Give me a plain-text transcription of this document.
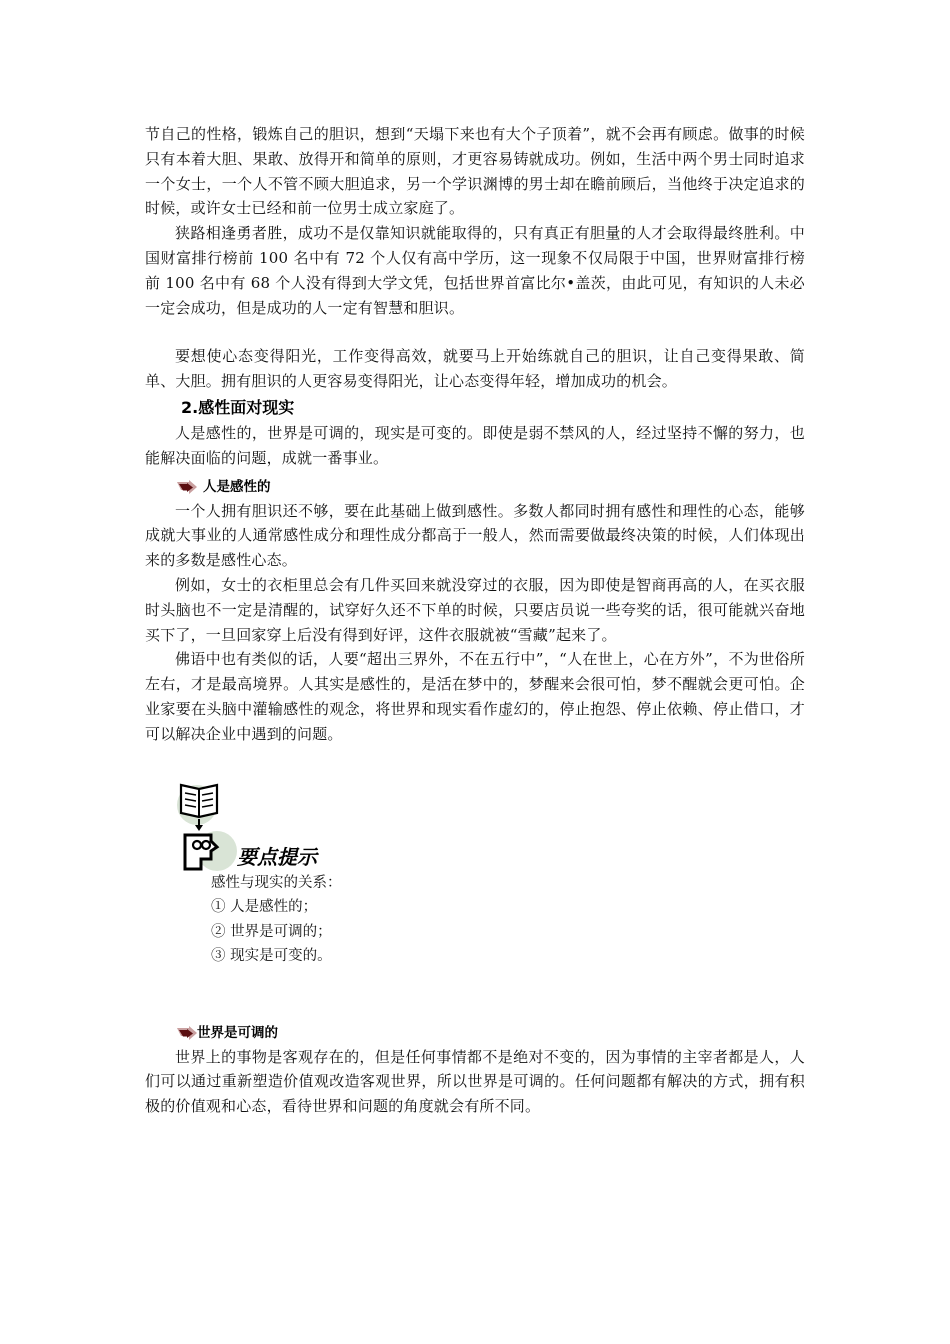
节自己的性格，锻炼自己的胆识，想到“天塌下来也有大个子顶着”，就不会再有顾虑。做事的时候只有本着大胆、果敢、放得开和简单的原则，才更容易铸就成功。例如，生活中两个男士同时追求一个女士，一个人不管不顾大胆追求，另一个学识渊博的男士却在瞻前顾后，当他终于决定追求的时候，或许女士已经和前一位男士成立家庭了。

狭路相逢勇者胜，成功不是仅靠知识就能取得的，只有真正有胆量的人才会取得最终胜利。中国财富排行榜前 100 名中有 72 个人仅有高中学历，这一现象不仅局限于中国，世界财富排行榜前 100 名中有 68 个人没有得到大学文凭，包括世界首富比尔•盖茨，由此可见，有知识的人未必一定会成功，但是成功的人一定有智慧和胆识。

要想使心态变得阳光，工作变得高效，就要马上开始练就自己的胆识，让自己变得果敢、简单、大胆。拥有胆识的人更容易变得阳光，让心态变得年轻，增加成功的机会。

2.感性面对现实

人是感性的，世界是可调的，现实是可变的。即使是弱不禁风的人，经过坚持不懈的努力，也能解决面临的问题，成就一番事业。

人是感性的

一个人拥有胆识还不够，要在此基础上做到感性。多数人都同时拥有感性和理性的心态，能够成就大事业的人通常感性成分和理性成分都高于一般人，然而需要做最终决策的时候，人们体现出来的多数是感性心态。

例如，女士的衣柜里总会有几件买回来就没穿过的衣服，因为即使是智商再高的人，在买衣服时头脑也不一定是清醒的，试穿好久还不下单的时候，只要店员说一些夸奖的话，很可能就兴奋地买下了，一旦回家穿上后没有得到好评，这件衣服就被“雪藏”起来了。

佛语中也有类似的话，人要“超出三界外，不在五行中”，“人在世上，心在方外”，不为世俗所左右，才是最高境界。人其实是感性的，是活在梦中的，梦醒来会很可怕，梦不醒就会更可怕。企业家要在头脑中灌输感性的观念，将世界和现实看作虚幻的，停止抱怨、停止依赖、停止借口，才可以解决企业中遇到的问题。

要点提示
感性与现实的关系：
① 人是感性的；
② 世界是可调的；
③ 现实是可变的。
世界是可调的

世界上的事物是客观存在的，但是任何事情都不是绝对不变的，因为事情的主宰者都是人，人们可以通过重新塑造价值观改造客观世界，所以世界是可调的。任何问题都有解决的方式，拥有积极的价值观和心态，看待世界和问题的角度就会有所不同。
